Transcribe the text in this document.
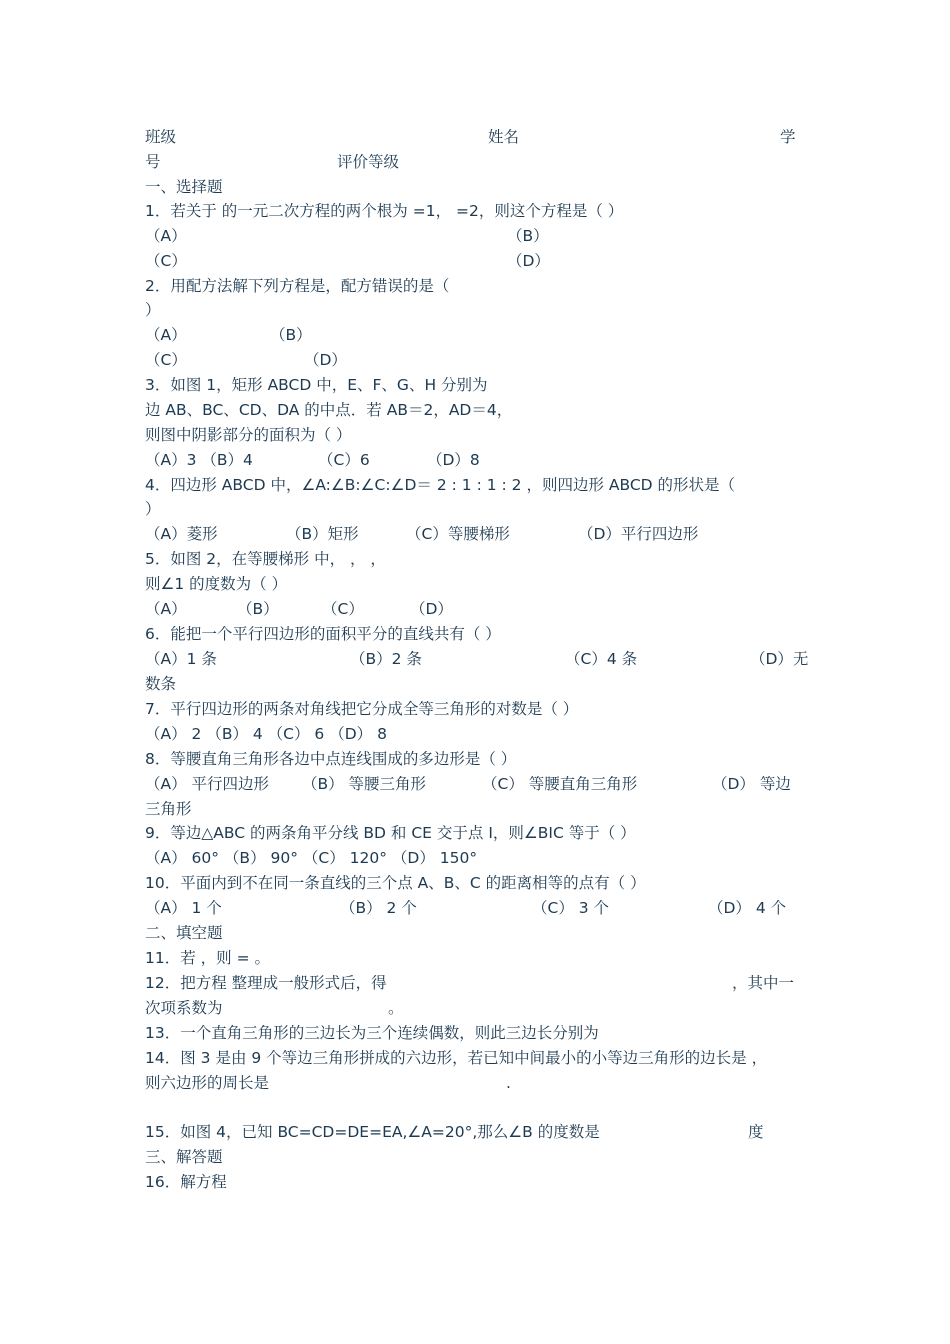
班级	姓名	学
号	评价等级
一、选择题
1．若关于 的一元二次方程的两个根为 =1， =2，则这个方程是（ ）
（A）	（B）
（C）	（D）
2．用配方法解下列方程是，配方错误的是（
）
（A）	（B）
（C）	（D）
3．如图 1，矩形 ABCD 中，E、F、G、H 分别为
边 AB、BC、CD、DA 的中点．若 AB＝2，AD＝4，
则图中阴影部分的面积为（ ）
（A）3 （B）4	（C）6	（D）8
4．四边形 ABCD 中，∠A:∠B:∠C:∠D＝ 2 : 1 : 1 : 2 ，则四边形 ABCD 的形状是（
）
（A）菱形	（B）矩形	（C）等腰梯形	（D）平行四边形
5．如图 2，在等腰梯形 中， ， ，
则∠1 的度数为（ ）
（A）	（B）	（C）	（D）
6．能把一个平行四边形的面积平分的直线共有（ ）
（A）1 条	（B）2 条	（C）4 条	（D）无
数条
7．平行四边形的两条对角线把它分成全等三角形的对数是（ ）
（A） 2 （B） 4 （C） 6 （D） 8
8．等腰直角三角形各边中点连线围成的多边形是（ ）
（A） 平行四边形 （B） 等腰三角形	（C） 等腰直角三角形	（D） 等边
三角形
9．等边△ABC 的两条角平分线 BD 和 CE 交于点 I，则∠BIC 等于（ ）
（A） 60° （B） 90° （C） 120° （D） 150°
10．平面内到不在同一条直线的三个点 A、B、C 的距离相等的点有（ ）
（A） 1 个	（B） 2 个	（C） 3 个	（D） 4 个
二、填空题
11．若 ，则 = 。
12．把方程 整理成一般形式后，得	，其中一
次项系数为	。
13．一个直角三角形的三边长为三个连续偶数，则此三边长分别为
14．图 3 是由 9 个等边三角形拼成的六边形，若已知中间最小的小等边三角形的边长是 ，
则六边形的周长是	.
15．如图 4，已知 BC=CD=DE=EA,∠A=20°,那么∠B 的度数是	度
三、解答题
16．解方程
